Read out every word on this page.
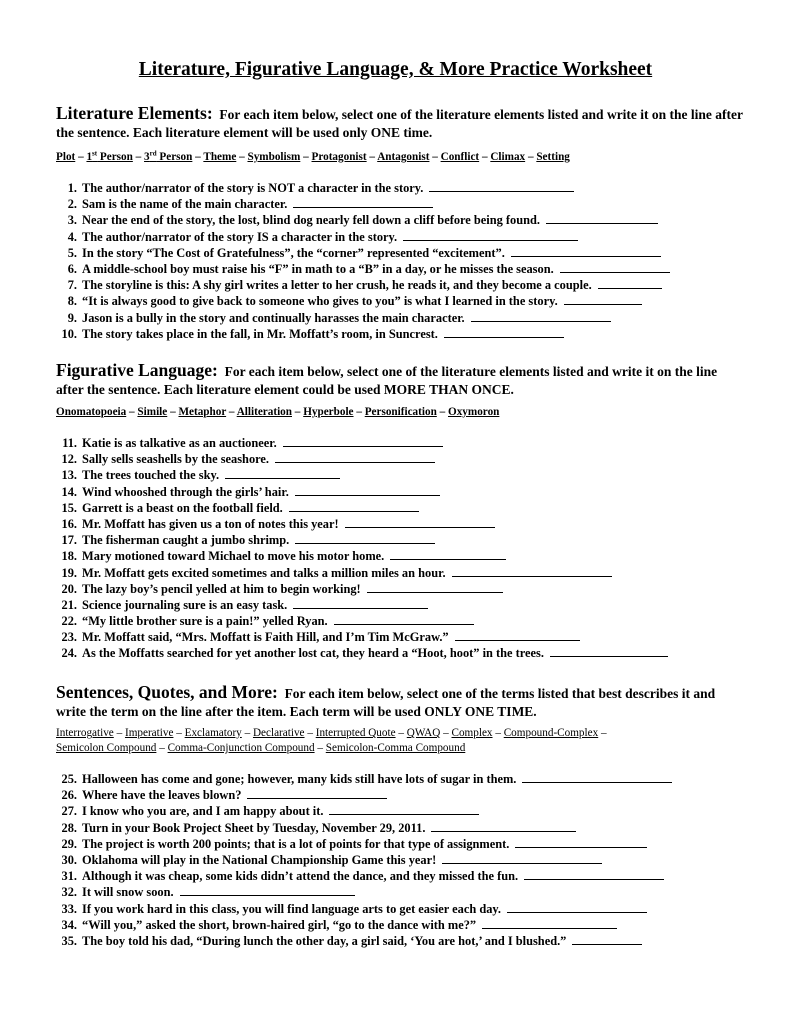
Literature, Figurative Language, & More Practice Worksheet
Literature Elements: For each item below, select one of the literature elements listed and write it on the line after the sentence. Each literature element will be used only ONE time.
Plot – 1st Person – 3rd Person – Theme – Symbolism – Protagonist – Antagonist – Conflict – Climax – Setting
1. The author/narrator of the story is NOT a character in the story.
2. Sam is the name of the main character.
3. Near the end of the story, the lost, blind dog nearly fell down a cliff before being found.
4. The author/narrator of the story IS a character in the story.
5. In the story “The Cost of Gratefulness”, the “corner” represented “excitement”.
6. A middle-school boy must raise his “F” in math to a “B” in a day, or he misses the season.
7. The storyline is this: A shy girl writes a letter to her crush, he reads it, and they become a couple.
8. “It is always good to give back to someone who gives to you” is what I learned in the story.
9. Jason is a bully in the story and continually harasses the main character.
10. The story takes place in the fall, in Mr. Moffatt’s room, in Suncrest.
Figurative Language: For each item below, select one of the literature elements listed and write it on the line after the sentence. Each literature element could be used MORE THAN ONCE.
Onomatopoeia – Simile – Metaphor – Alliteration – Hyperbole – Personification – Oxymoron
11. Katie is as talkative as an auctioneer.
12. Sally sells seashells by the seashore.
13. The trees touched the sky.
14. Wind whooshed through the girls’ hair.
15. Garrett is a beast on the football field.
16. Mr. Moffatt has given us a ton of notes this year!
17. The fisherman caught a jumbo shrimp.
18. Mary motioned toward Michael to move his motor home.
19. Mr. Moffatt gets excited sometimes and talks a million miles an hour.
20. The lazy boy’s pencil yelled at him to begin working!
21. Science journaling sure is an easy task.
22. “My little brother sure is a pain!” yelled Ryan.
23. Mr. Moffatt said, “Mrs. Moffatt is Faith Hill, and I’m Tim McGraw.”
24. As the Moffatts searched for yet another lost cat, they heard a “Hoot, hoot” in the trees.
Sentences, Quotes, and More: For each item below, select one of the terms listed that best describes it and write the term on the line after the item. Each term will be used ONLY ONE TIME.
Interrogative – Imperative – Exclamatory – Declarative – Interrupted Quote – QWAQ – Complex – Compound-Complex –
Semicolon Compound – Comma-Conjunction Compound – Semicolon-Comma Compound
25. Halloween has come and gone; however, many kids still have lots of sugar in them.
26. Where have the leaves blown?
27. I know who you are, and I am happy about it.
28. Turn in your Book Project Sheet by Tuesday, November 29, 2011.
29. The project is worth 200 points; that is a lot of points for that type of assignment.
30. Oklahoma will play in the National Championship Game this year!
31. Although it was cheap, some kids didn’t attend the dance, and they missed the fun.
32. It will snow soon.
33. If you work hard in this class, you will find language arts to get easier each day.
34. “Will you,” asked the short, brown-haired girl, “go to the dance with me?”
35. The boy told his dad, “During lunch the other day, a girl said, ‘You are hot,’ and I blushed.”
